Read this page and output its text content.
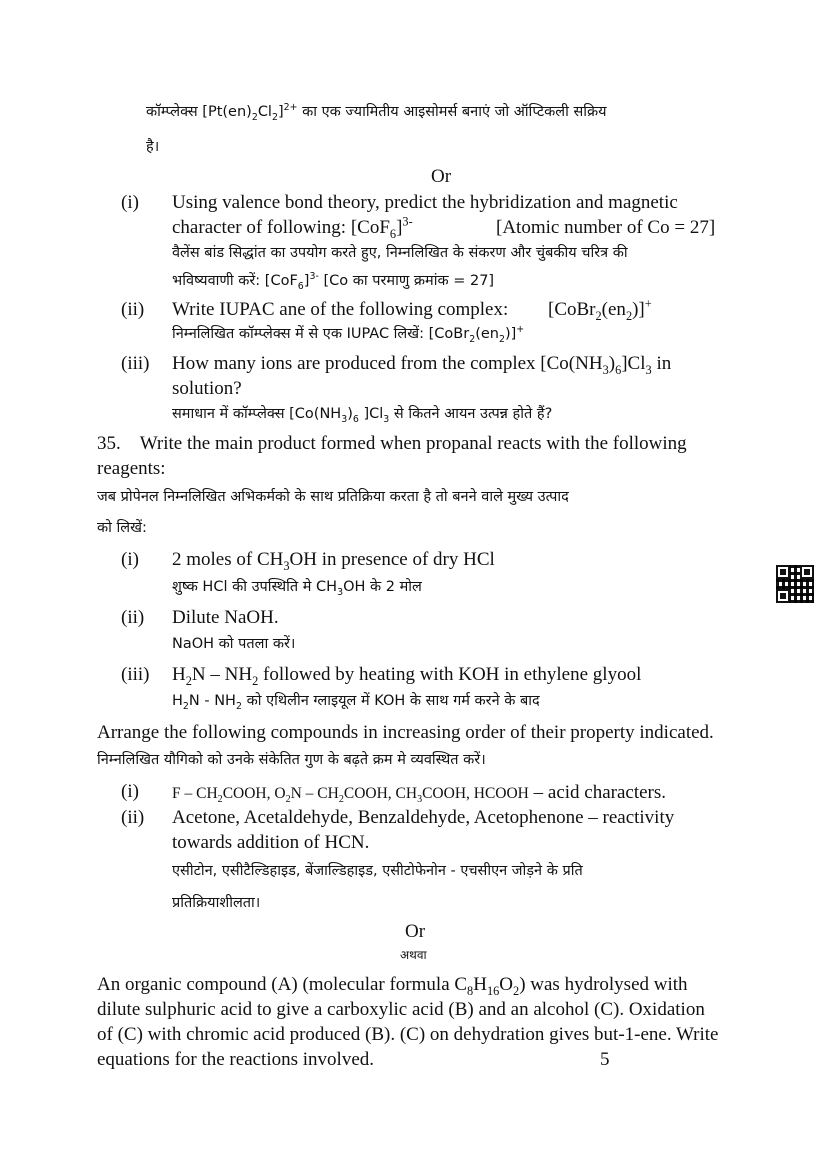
कॉम्प्लेक्स $[Pt(en)_2Cl_2]^{2+}$ का एक ज्यामितीय आइसोमर्स बनाएं जो ऑप्टिकली सक्रिय
है।
Or
(i) Using valence bond theory, predict the hybridization and magnetic
character of following: $[CoF_6]^{3-}$	[Atomic number of Co = 27]
वैलेंस बांड सिद्धांत का उपयोग करते हुए, निम्नलिखित के संकरण और चुंबकीय चरित्र की
भविष्यवाणी करें: $[CoF_6]^{3-}$ [Co का परमाणु क्रमांक = 27]
(ii) Write IUPAC ane of the following complex: $[CoBr_2(en_2)]^+$
निम्नलिखित कॉम्प्लेक्स में से एक IUPAC लिखें: $[CoBr_2(en_2)]^+$
(iii) How many ions are produced from the complex $[Co(NH_3)_6]Cl_3$ in
solution?
समाधान में कॉम्प्लेक्स [$Co(NH_3)_6$ ]$Cl_3$ से कितने आयन उत्पन्न होते हैं?
35. Write the main product formed when propanal reacts with the following
reagents:
जब प्रोपेनल निम्नलिखित अभिकर्मको के साथ प्रतिक्रिया करता है तो बनने वाले मुख्य उत्पाद
को लिखें:
(i) 2 moles of $CH_3OH$ in presence of dry HCl
शुष्क HCl की उपस्थिति मे $CH_3OH$ के 2 मोल
(ii) Dilute NaOH.
NaOH को पतला करें।
(iii) $H_2N - NH_2$ followed by heating with KOH in ethylene glyool
$H_2N - NH_2$ को एथिलीन ग्लाइयूल में KOH के साथ गर्म करने के बाद
Arrange the following compounds in increasing order of their property indicated.
निम्नलिखित यौगिको को उनके संकेतित गुण के बढ़ते क्रम मे व्यवस्थित करें।
(i) F – $CH_2COOH$, $O_2N$ – $CH_2COOH$, $CH_3COOH$, HCOOH – acid characters.
(ii) Acetone, Acetaldehyde, Benzaldehyde, Acetophenone – reactivity
towards addition of HCN.
एसीटोन, एसीटैल्डिहाइड, बेंजाल्डिहाइड, एसीटोफेनोन - एचसीएन जोड़ने के प्रति
प्रतिक्रियाशीलता।
Or
अथवा
An organic compound (A) (molecular formula $C_8H_{16}O_2$) was hydrolysed with
dilute sulphuric acid to give a carboxylic acid (B) and an alcohol (C). Oxidation
of (C) with chromic acid produced (B). (C) on dehydration gives but-1-ene. Write
equations for the reactions involved.	5
